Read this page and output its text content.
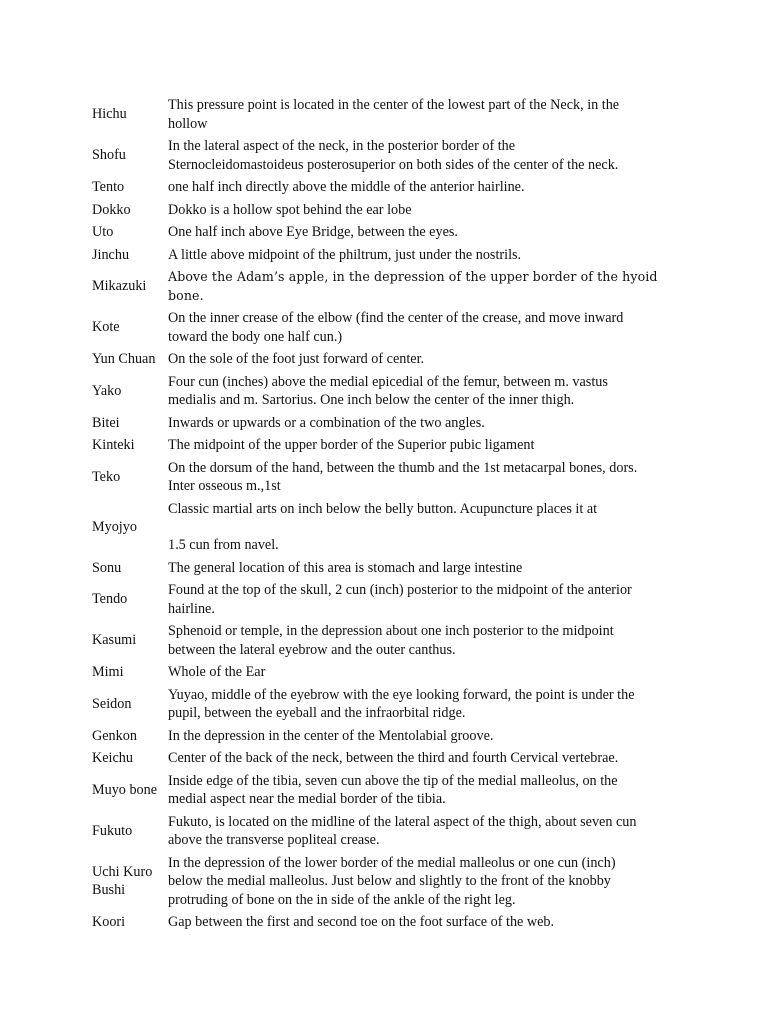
Hichu	This pressure point is located in the center of the lowest part of the Neck, in the
hollow

Shofu	In the lateral aspect of the neck, in the posterior border of the
Sternocleidomastoideus posterosuperior on both sides of the center of the neck.

Tento	one half inch directly above the middle of the anterior hairline.

Dokko	Dokko is a hollow spot behind the ear lobe

Uto	One half inch above Eye Bridge, between the eyes.

Jinchu	A little above midpoint of the philtrum, just under the nostrils.

Mikazuki	Above the Adam’s apple, in the depression of the upper border of the hyoid bone.

Kote	On the inner crease of the elbow (find the center of the crease, and move inward
toward the body one half cun.)

Yun Chuan	On the sole of the foot just forward of center.

Yako	Four cun (inches) above the medial epicedial of the femur, between m. vastus
medialis and m. Sartorius. One inch below the center of the inner thigh.

Bitei	Inwards or upwards or a combination of the two angles.

Kinteki	The midpoint of the upper border of the Superior pubic ligament

Teko	On the dorsum of the hand, between the thumb and the 1st metacarpal bones, dors.
Inter osseous m.,1st

Myojyo	Classic martial arts on inch below the belly button. Acupuncture places it at
1.5 cun from navel.

Sonu	The general location of this area is stomach and large intestine

Tendo	Found at the top of the skull, 2 cun (inch) posterior to the midpoint of the anterior
hairline.

Kasumi	Sphenoid or temple, in the depression about one inch posterior to the midpoint
between the lateral eyebrow and the outer canthus.

Mimi	Whole of the Ear

Seidon	Yuyao, middle of the eyebrow with the eye looking forward, the point is under the
pupil, between the eyeball and the infraorbital ridge.

Genkon	In the depression in the center of the Mentolabial groove.

Keichu	Center of the back of the neck, between the third and fourth Cervical vertebrae.

Muyo bone	Inside edge of the tibia, seven cun above the tip of the medial malleolus, on the
medial aspect near the medial border of the tibia.

Fukuto	Fukuto, is located on the midline of the lateral aspect of the thigh, about seven cun
above the transverse popliteal crease.

Uchi Kuro Bushi	In the depression of the lower border of the medial malleolus or one cun (inch)
below the medial malleolus. Just below and slightly to the front of the knobby
protruding of bone on the in side of the ankle of the right leg.

Koori	Gap between the first and second toe on the foot surface of the web.
